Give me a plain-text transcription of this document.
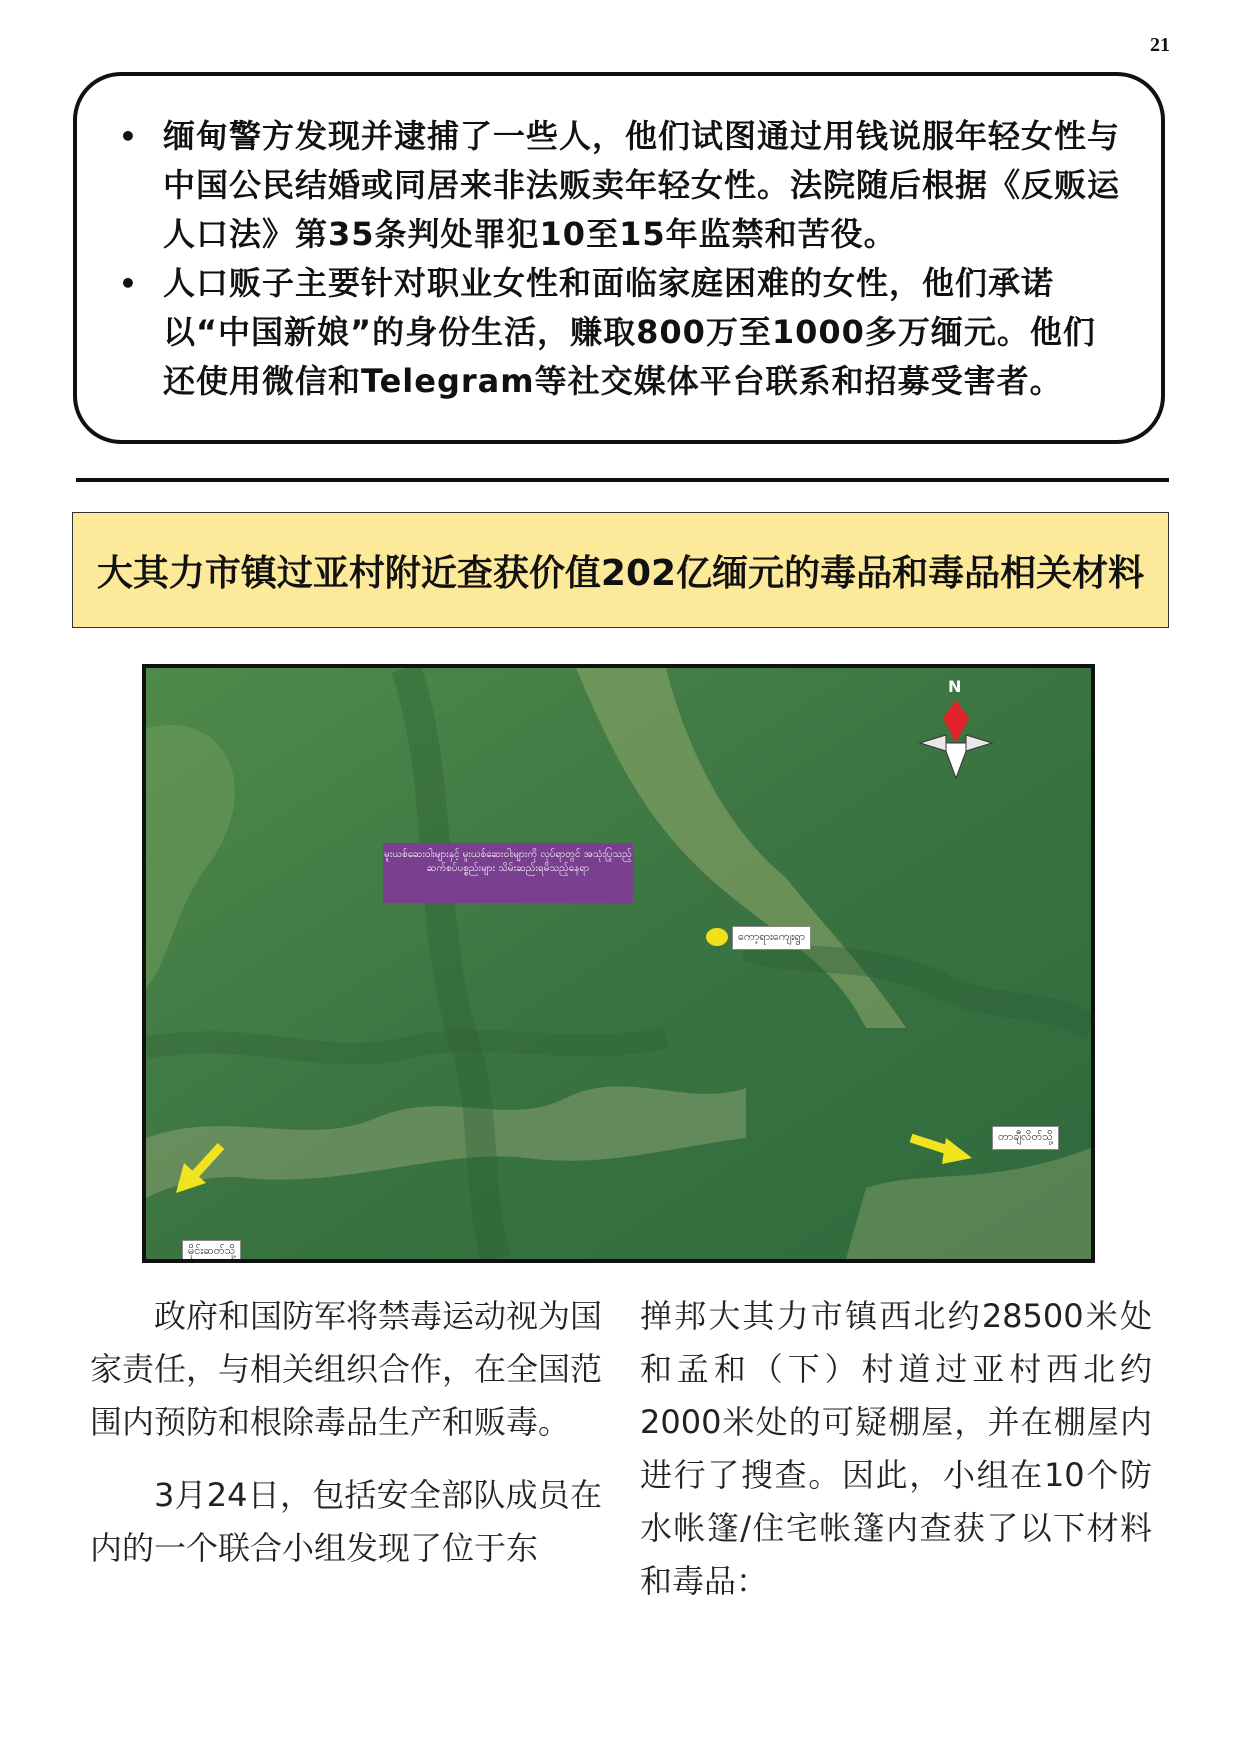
21
• 缅甸警方发现并逮捕了一些人，他们试图通过用钱说服年轻女性与中国公民结婚或同居来非法贩卖年轻女性。法院随后根据《反贩运人口法》第35条判处罪犯10至15年监禁和苦役。
• 人口贩子主要针对职业女性和面临家庭困难的女性，他们承诺以“中国新娘”的身份生活，赚取800万至1000多万缅元。他们还使用微信和Telegram等社交媒体平台联系和招募受害者。
大其力市镇过亚村附近查获价值202亿缅元的毒品和毒品相关材料
N
မူးယစ်ဆေးဝါးများနှင့် မူးယစ်ဆေးဝါးများကို လုပ်ရာတွင် အသုံးပြုသည့် ဆက်စပ်ပစ္စည်းများ သိမ်းဆည်းရမိသည့်နေရာ
ကော့ရားကျေးရွာ
မိုင်းဆတ်သို့
တာချီလိတ်သို့

政府和国防军将禁毒运动视为国家责任，与相关组织合作，在全国范围内预防和根除毒品生产和贩毒。

3月24日，包括安全部队成员在内的一个联合小组发现了位于东

掸邦大其力市镇西北约28500米处和孟和（下）村道过亚村西北约2000米处的可疑棚屋，并在棚屋内进行了搜查。因此，小组在10个防水帐篷/住宅帐篷内查获了以下材料和毒品：
